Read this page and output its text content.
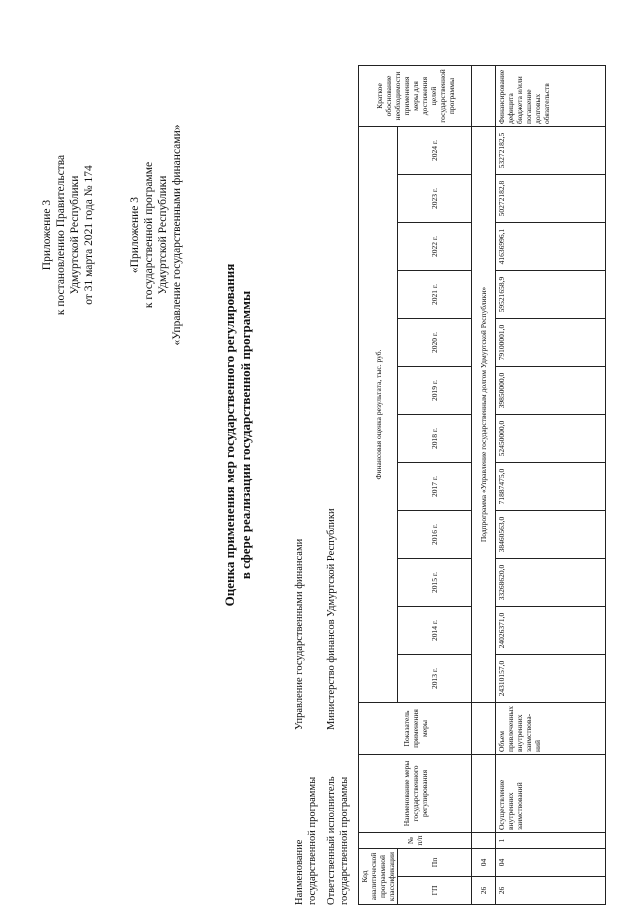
Приложение 3 к постановлению Правительства Удмуртской Республики от 31 марта 2021 года № 174	«Приложение 3 к государственной программе Удмуртской Республики «Управление государственными финансами»
Оценка применения мер государственного регулирования в сфере реализации государственной программы
Наименование государственной программы
Управление государственными финансами
Ответственный исполнитель государственной программы
Министерство финансов Удмуртской Республики
Код аналитической программной классификации		№ п/п	Наименование меры государственного регулирования	Показатель применения меры	Финансовая оценка результата, тыс. руб.												Краткое обоснование необходимости применения меры для достижения целей государственной программы
ГП	Пп				2013 г.	2014 г.	2015 г.	2016 г.	2017 г.	2018 г.	2019 г.	2020 г.	2021 г.	2022 г.	2023 г.	2024 г.	

26	04				Подпрограмма «Управление государственным долгом Удмуртской Республики»												
26	04	1	Осуществление внутренних заимствований	Объем привлеченных внутренних заимствова-ний	24310157,0	24026371,0	33268620,0	38460563,0	71887475,0	52450000,0	39850000,0	79100001,0	59521658,9	41636996,1	50272182,8	53272182,5	Финансирование дефицита бюджета и/или погашение долговых обязательств
